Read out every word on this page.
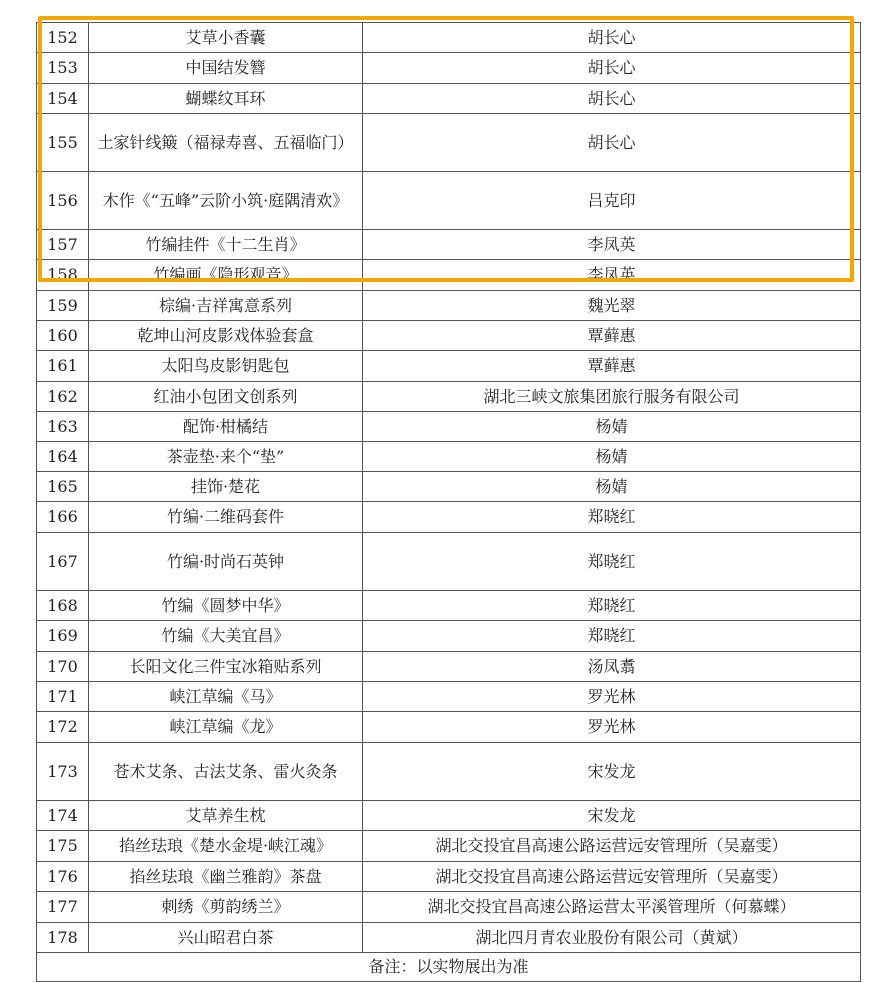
152	艾草小香囊	胡长心
153	中国结发簪	胡长心
154	蝴蝶纹耳环	胡长心
155	土家针线簸（福禄寿喜、五福临门）	胡长心
156	木作《“五峰”云阶小筑·庭隅清欢》	吕克印
157	竹编挂件《十二生肖》	李凤英
158	竹编画《隐形观音》	李凤英
159	棕编·吉祥寓意系列	魏光翠
160	乾坤山河皮影戏体验套盒	覃藓惠
161	太阳鸟皮影钥匙包	覃藓惠
162	红油小包团文创系列	湖北三峡文旅集团旅行服务有限公司
163	配饰·柑橘结	杨婧
164	茶壶垫·来个“垫”	杨婧
165	挂饰·楚花	杨婧
166	竹编·二维码套件	郑晓红
167	竹编·时尚石英钟	郑晓红
168	竹编《圆梦中华》	郑晓红
169	竹编《大美宜昌》	郑晓红
170	长阳文化三件宝冰箱贴系列	汤凤翥
171	峡江草编《马》	罗光林
172	峡江草编《龙》	罗光林
173	苍术艾条、古法艾条、雷火灸条	宋发龙
174	艾草养生枕	宋发龙
175	掐丝珐琅《楚水金堤·峡江魂》	湖北交投宜昌高速公路运营远安管理所（吴嘉雯）
176	掐丝珐琅《幽兰雅韵》茶盘	湖北交投宜昌高速公路运营远安管理所（吴嘉雯）
177	刺绣《剪韵绣兰》	湖北交投宜昌高速公路运营太平溪管理所（何慕蝶）
178	兴山昭君白茶	湖北四月青农业股份有限公司（黄斌）
备注：以实物展出为准		
